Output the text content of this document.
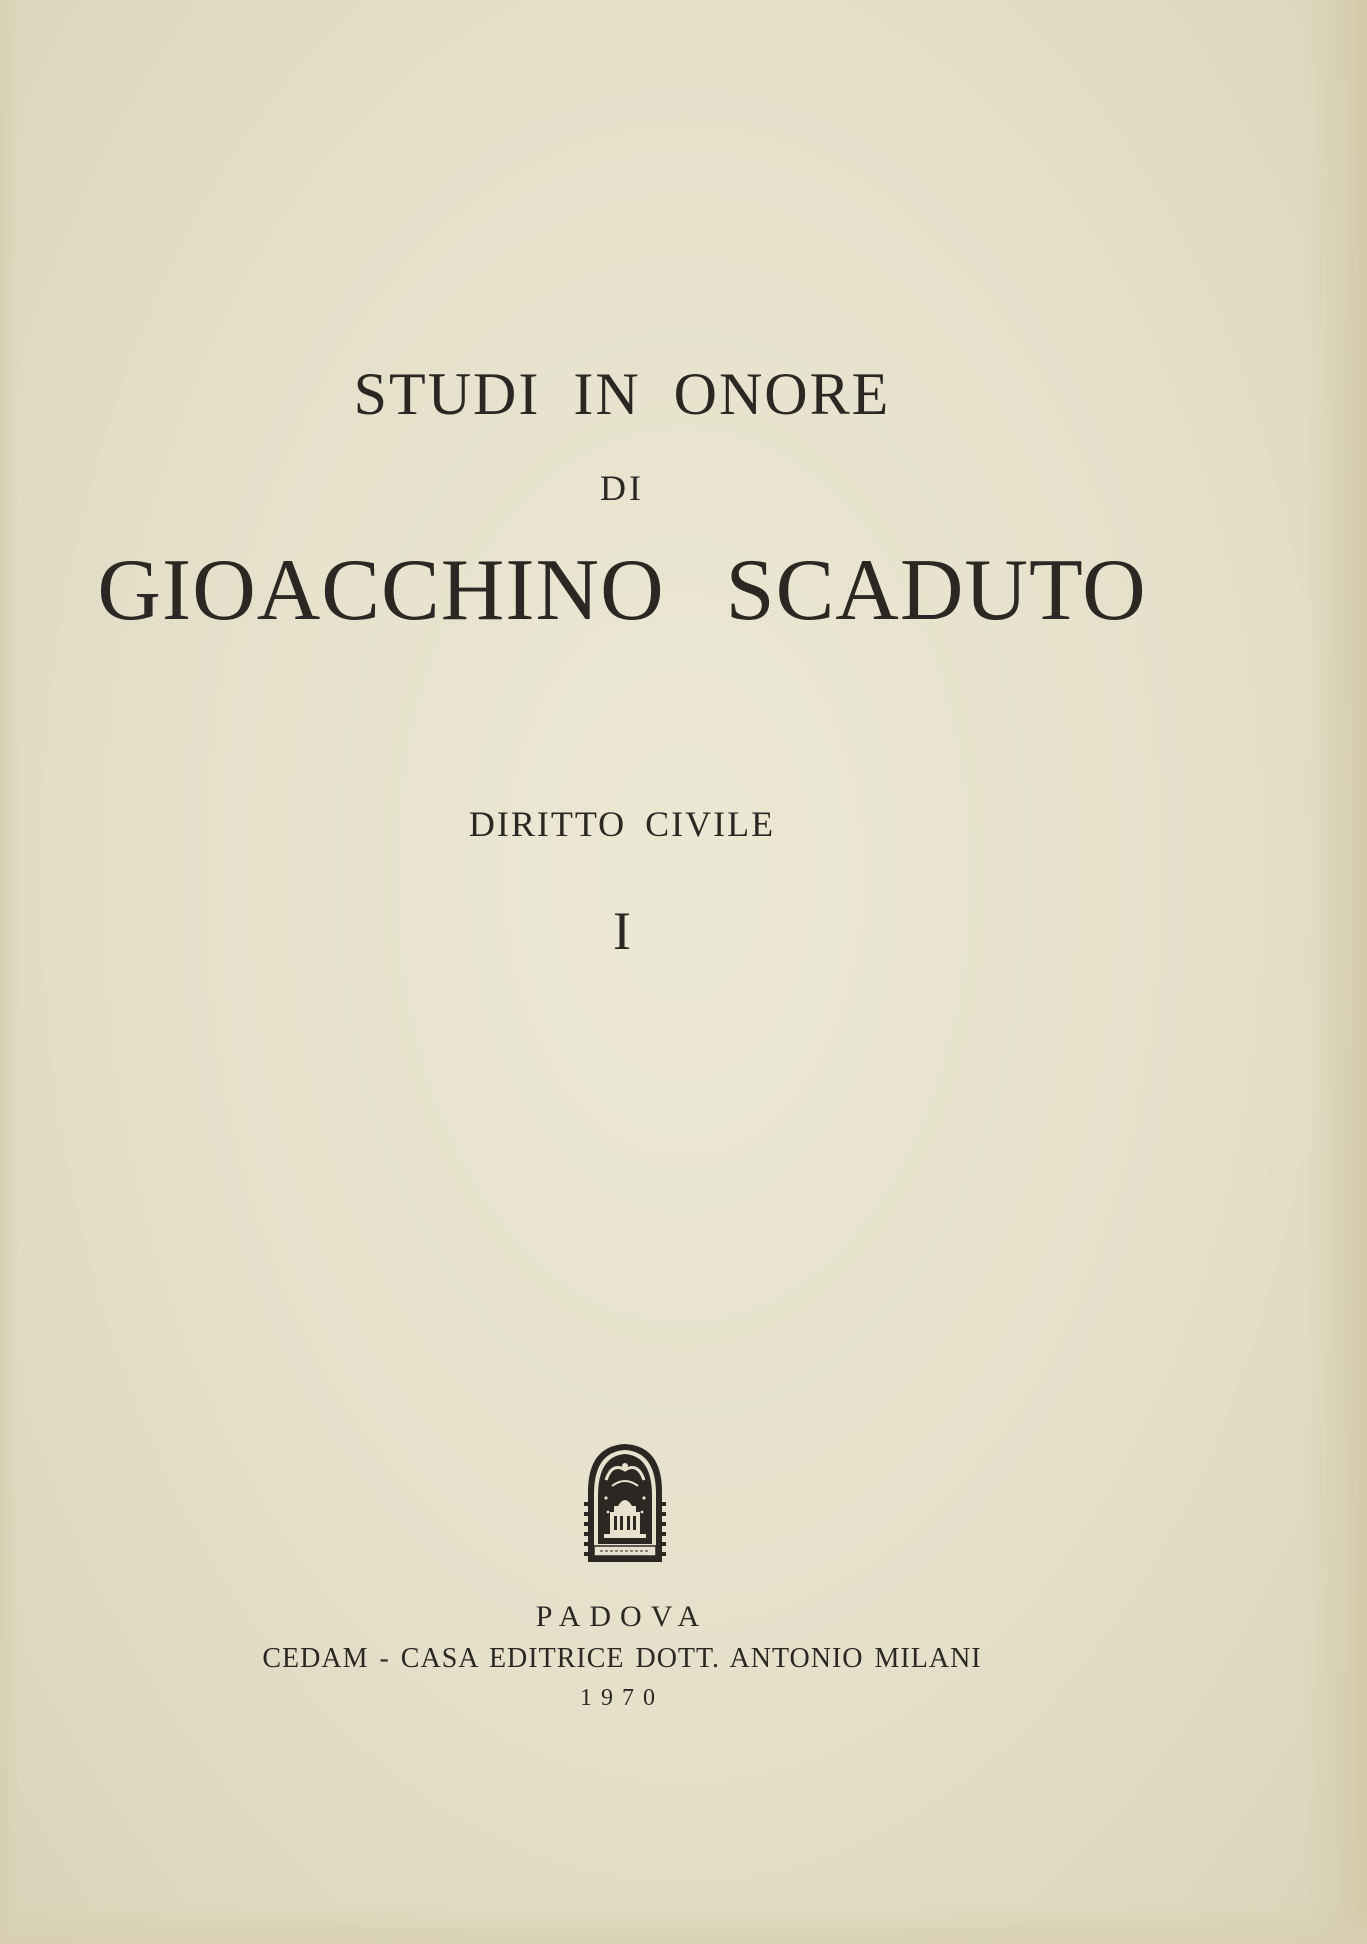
STUDI IN ONORE
DI
GIOACCHINO SCADUTO
DIRITTO CIVILE
I
PADOVA
CEDAM - CASA EDITRICE DOTT. ANTONIO MILANI
1970
